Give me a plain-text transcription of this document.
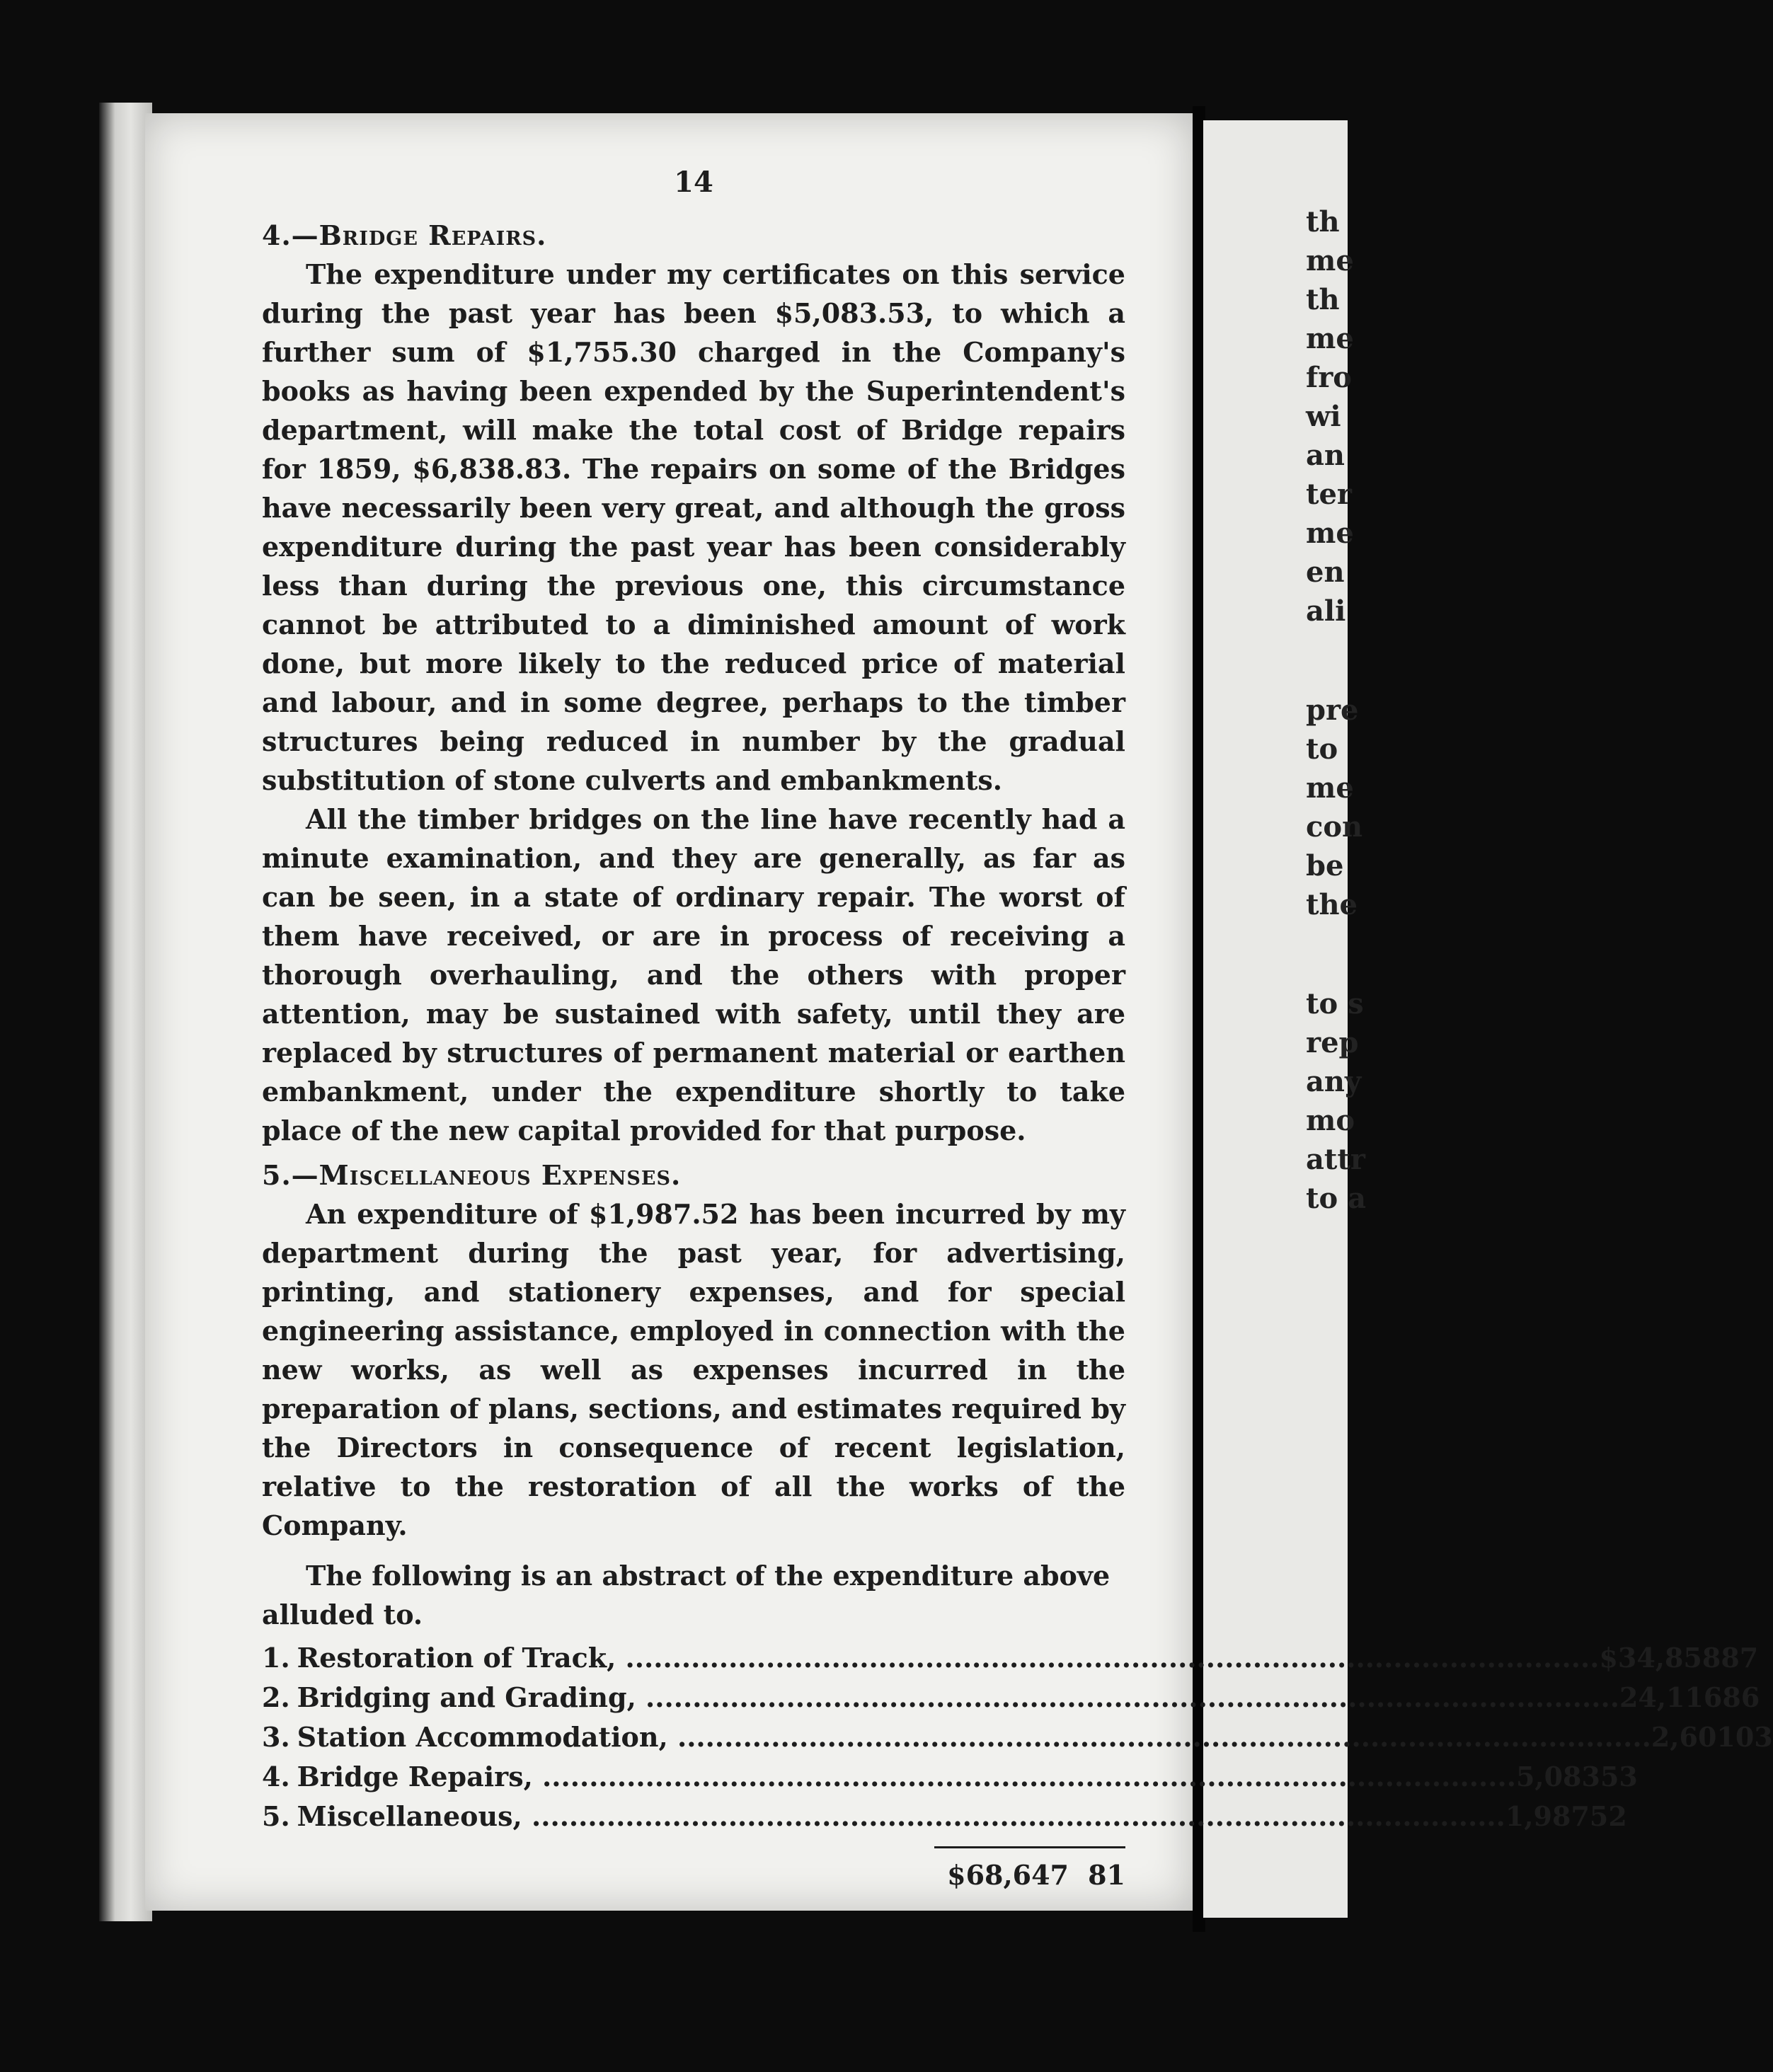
th
me
th
me
fro
wi
an
ter
me
en
ali
pre
to
me
con
be
the
to s
rep
any
mo
attr
to a
14

4.—Bridge Repairs.

The expenditure under my certificates on this service during the past year has been $5,083.53, to which a further sum of $1,755.30 charged in the Company's books as having been expended by the Superintendent's department, will make the total cost of Bridge repairs for 1859, $6,838.83. The repairs on some of the Bridges have necessarily been very great, and although the gross expenditure during the past year has been considerably less than during the previous one, this circumstance cannot be attributed to a diminished amount of work done, but more likely to the reduced price of material and labour, and in some degree, perhaps to the timber structures being reduced in number by the gradual substitution of stone culverts and embankments.

All the timber bridges on the line have recently had a minute examination, and they are generally, as far as can be seen, in a state of ordinary repair. The worst of them have received, or are in process of receiving a thorough overhauling, and the others with proper attention, may be sustained with safety, until they are replaced by structures of permanent material or earthen embankment, under the expenditure shortly to take place of the new capital provided for that purpose.

5.—Miscellaneous Expenses.

An expenditure of $1,987.52 has been incurred by my department during the past year, for advertising, printing, and stationery expenses, and for special engineering assistance, employed in connection with the new works, as well as expenses incurred in the preparation of plans, sections, and estimates required by the Directors in consequence of recent legislation, relative to the restoration of all the works of the Company.

The following is an abstract of the expenditure above alluded to.

1. Restoration of Track, .....	$34,858 87
2. Bridging and Grading, .....	24,116 86
3. Station Accommodation, .....	2,601 03
4. Bridge Repairs, .....	5,083 53
5. Miscellaneous, .....	1,987 52
$68,647 81
